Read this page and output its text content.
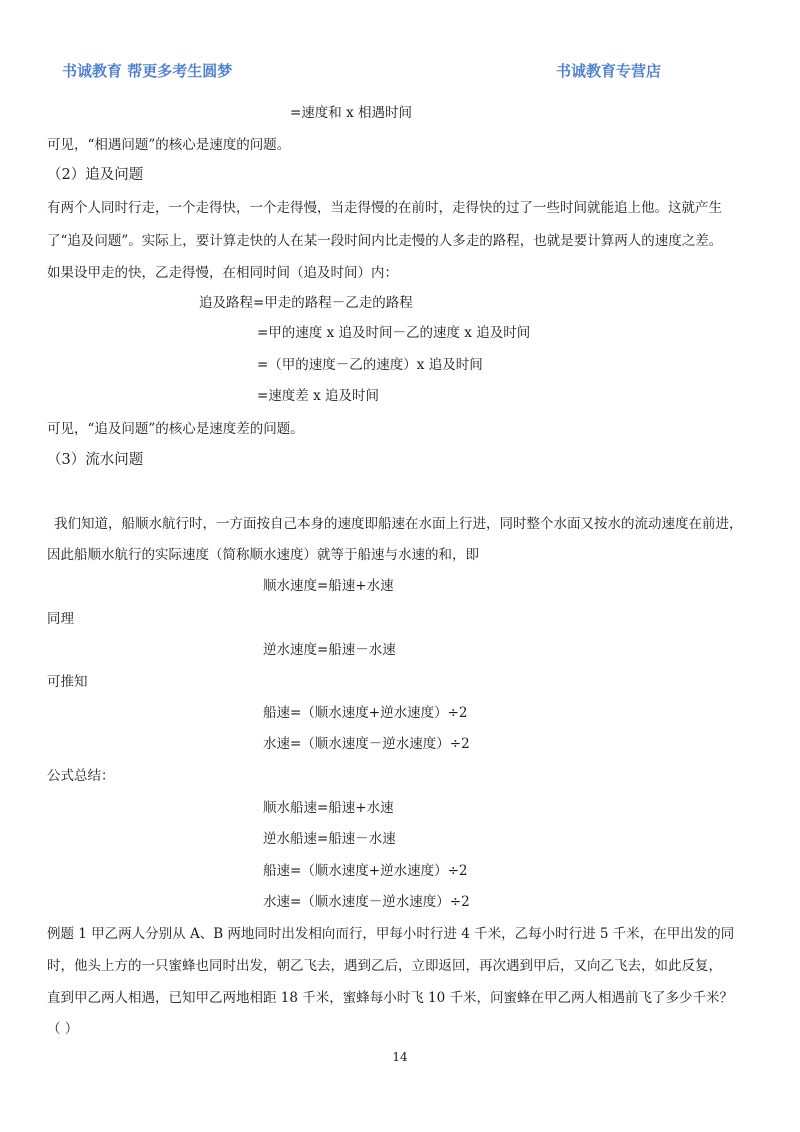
书诚教育 帮更多考生圆梦	书诚教育专营店
=速度和 x 相遇时间
可见，“相遇问题”的核心是速度的问题。
（2）追及问题
有两个人同时行走，一个走得快，一个走得慢，当走得慢的在前时，走得快的过了一些时间就能追上他。这就产生
了“追及问题”。实际上，要计算走快的人在某一段时间内比走慢的人多走的路程，也就是要计算两人的速度之差。
如果设甲走的快，乙走得慢，在相同时间（追及时间）内：
追及路程=甲走的路程－乙走的路程
=甲的速度 x 追及时间－乙的速度 x 追及时间
=（甲的速度－乙的速度）x 追及时间
=速度差 x 追及时间
可见，“追及问题”的核心是速度差的问题。
（3）流水问题
我们知道，船顺水航行时，一方面按自己本身的速度即船速在水面上行进，同时整个水面又按水的流动速度在前进，
因此船顺水航行的实际速度（简称顺水速度）就等于船速与水速的和，即
顺水速度=船速+水速
同理
逆水速度=船速－水速
可推知
船速=（顺水速度+逆水速度）÷2
水速=（顺水速度－逆水速度）÷2
公式总结：
顺水船速=船速+水速
逆水船速=船速－水速
船速=（顺水速度+逆水速度）÷2
水速=（顺水速度－逆水速度）÷2
例题 1 甲乙两人分别从 A、B 两地同时出发相向而行，甲每小时行进 4 千米，乙每小时行进 5 千米，在甲出发的同
时，他头上方的一只蜜蜂也同时出发，朝乙飞去，遇到乙后，立即返回，再次遇到甲后，又向乙飞去，如此反复，
直到甲乙两人相遇，已知甲乙两地相距 18 千米，蜜蜂每小时飞 10 千米，问蜜蜂在甲乙两人相遇前飞了多少千米？
（ ）
14
